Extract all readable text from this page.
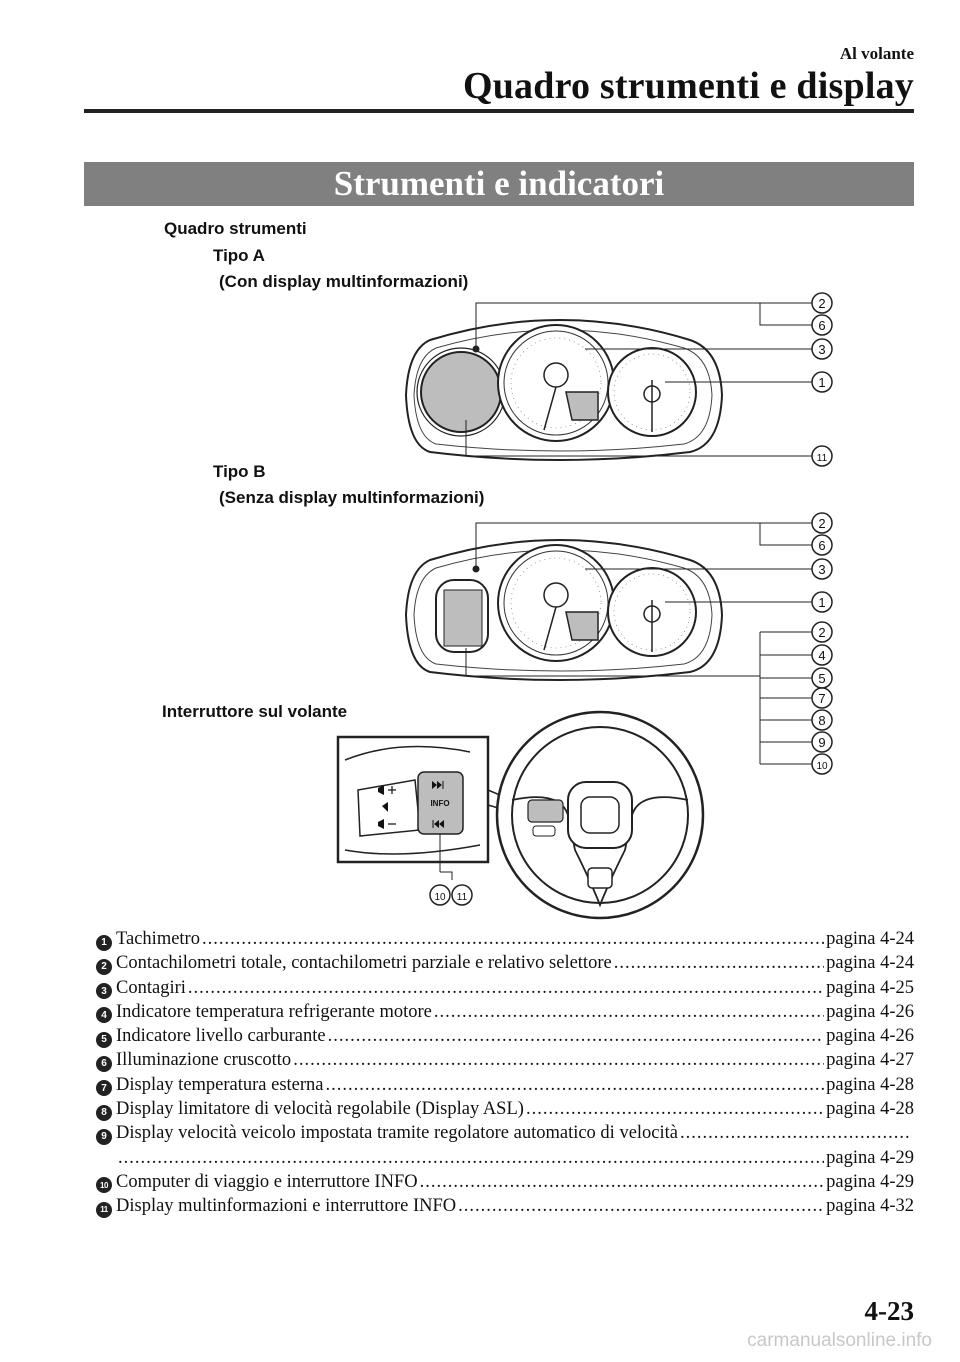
Al volante
Quadro strumenti e display
Strumenti e indicatori
Quadro strumenti
Tipo A
(Con display multinformazioni)
Tipo B
(Senza display multinformazioni)
Interruttore sul volante
INFO
2
6
3
1
11
2
6
3
1
2
4
5
7
8
9
10
10 11
1 Tachimetro .....	pagina 4-24
2 Contachilometri totale, contachilometri parziale e relativo selettore .....	pagina 4-24
3 Contagiri .....	pagina 4-25
4 Indicatore temperatura refrigerante motore .....	pagina 4-26
5 Indicatore livello carburante .....	pagina 4-26
6 Illuminazione cruscotto .....	pagina 4-27
7 Display temperatura esterna .....	pagina 4-28
8 Display limitatore di velocità regolabile (Display ASL) .....	pagina 4-28
9 Display velocità veicolo impostata tramite regolatore automatico di velocità
.....
.....
pagina 4-29
10 Computer di viaggio e interruttore INFO .....	pagina 4-29
11 Display multinformazioni e interruttore INFO .....	pagina 4-32
4-23
carmanualsonline.info
